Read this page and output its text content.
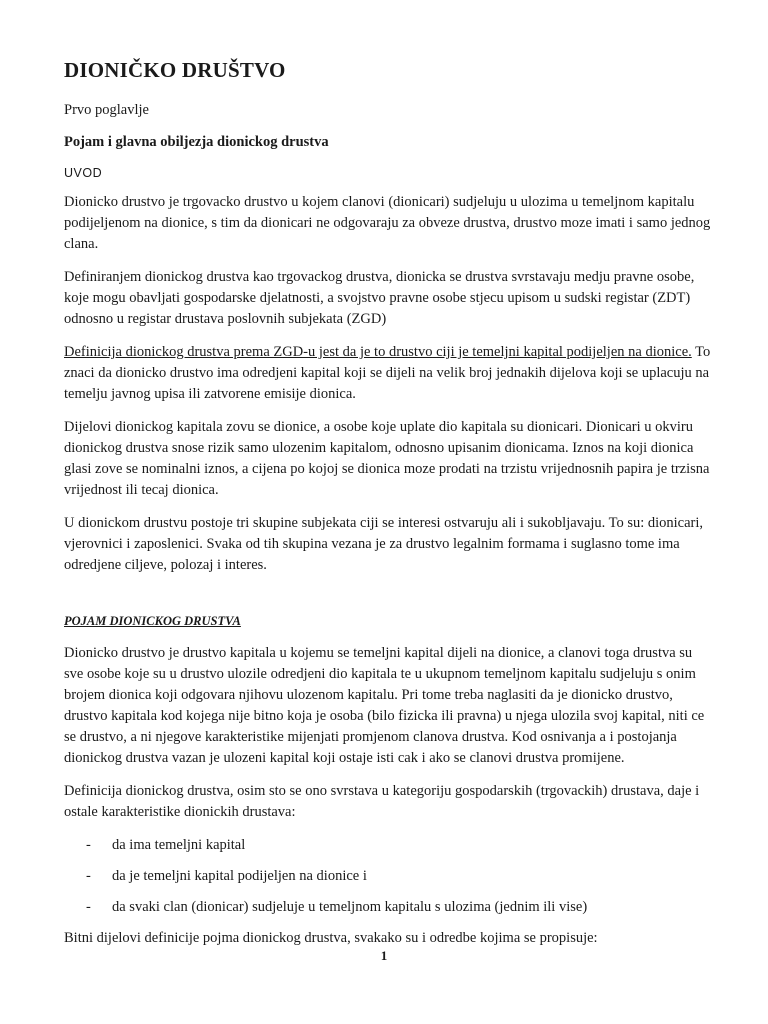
DIONIČKO DRUŠTVO

Prvo poglavlje

Pojam i glavna obiljezja dionickog drustva

UVOD

Dionicko drustvo je trgovacko drustvo u kojem clanovi (dionicari) sudjeluju u ulozima u temeljnom kapitalu podijeljenom na dionice, s tim da dionicari ne odgovaraju za obveze drustva, drustvo moze imati i samo jednog clana.

Definiranjem dionickog drustva kao trgovackog drustva, dionicka se drustva svrstavaju medju pravne osobe, koje mogu obavljati gospodarske djelatnosti, a svojstvo pravne osobe stjecu upisom u sudski registar (ZDT) odnosno u registar drustava poslovnih subjekata (ZGD)

Definicija dionickog drustva prema ZGD-u jest da je to drustvo ciji je temeljni kapital podijeljen na dionice. To znaci da dionicko drustvo ima odredjeni kapital koji se dijeli na velik broj jednakih dijelova koji se uplacuju na temelju javnog upisa ili zatvorene emisije dionica.

Dijelovi dionickog kapitala zovu se dionice, a osobe koje uplate dio kapitala su dionicari. Dionicari u okviru dionickog drustva snose rizik samo ulozenim kapitalom, odnosno upisanim dionicama. Iznos na koji dionica glasi zove se nominalni iznos, a cijena po kojoj se dionica moze prodati na trzistu vrijednosnih papira je trzisna vrijednost ili tecaj dionica.

U dionickom drustvu postoje tri skupine subjekata ciji se interesi ostvaruju ali i sukobljavaju. To su: dionicari, vjerovnici i zaposlenici. Svaka od tih skupina vezana je za drustvo legalnim formama i suglasno tome ima odredjene ciljeve, polozaj i interes.

POJAM DIONICKOG DRUSTVA

Dionicko drustvo je drustvo kapitala u kojemu se temeljni kapital dijeli na dionice, a clanovi toga drustva su sve osobe koje su u drustvo ulozile odredjeni dio kapitala te u ukupnom temeljnom kapitalu sudjeluju s onim brojem dionica koji odgovara njihovu ulozenom kapitalu. Pri tome treba naglasiti da je dionicko drustvo, drustvo kapitala kod kojega nije bitno koja je osoba (bilo fizicka ili pravna) u njega ulozila svoj kapital, niti ce se drustvo, a ni njegove karakteristike mijenjati promjenom clanova drustva. Kod osnivanja a i postojanja dionickog drustva vazan je ulozeni kapital koji ostaje isti cak i ako se clanovi drustva promijene.

Definicija dionickog drustva, osim sto se ono svrstava u kategoriju gospodarskih (trgovackih) drustava, daje i ostale karakteristike dionickih drustava:

- da ima temeljni kapital
- da je temeljni kapital podijeljen na dionice i
- da svaki clan (dionicar) sudjeluje u temeljnom kapitalu s ulozima (jednim ili vise)

Bitni dijelovi definicije pojma dionickog drustva, svakako su i odredbe kojima se propisuje:

1
